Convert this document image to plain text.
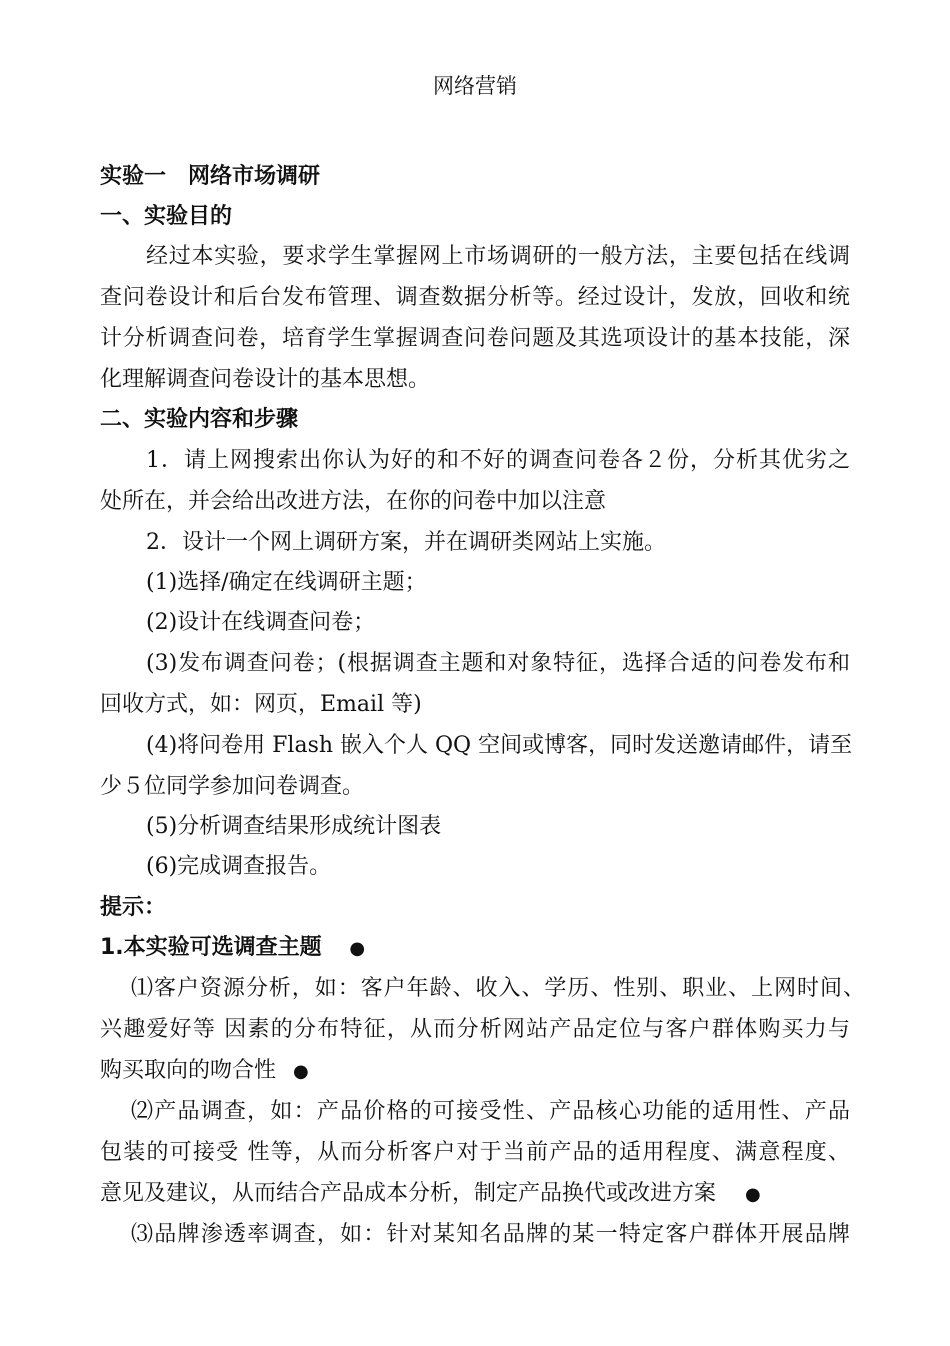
网络营销
实验一　网络市场调研
一、实验目的
经过本实验，要求学生掌握网上市场调研的一般方法，主要包括在线调
查问卷设计和后台发布管理、调查数据分析等。经过设计，发放，回收和统
计分析调查问卷，培育学生掌握调查问卷问题及其选项设计的基本技能，深
化理解调查问卷设计的基本思想。
二、实验内容和步骤
1．请上网搜索出你认为好的和不好的调查问卷各２份，分析其优劣之
处所在，并会给出改进方法，在你的问卷中加以注意
2．设计一个网上调研方案，并在调研类网站上实施。
(1)选择/确定在线调研主题；
(2)设计在线调查问卷；
(3)发布调查问卷；(根据调查主题和对象特征，选择合适的问卷发布和
回收方式，如：网页，Email 等)
(4)将问卷用 Flash 嵌入个人 QQ 空间或博客，同时发送邀请邮件，请至
少５位同学参加问卷调查。
(5)分析调查结果形成统计图表
(6)完成调查报告。
提示：
1.本实验可选调查主题 ●
⑴客户资源分析，如：客户年龄、收入、学历、性别、职业、上网时间、
兴趣爱好等 因素的分布特征，从而分析网站产品定位与客户群体购买力与
购买取向的吻合性 ●
⑵产品调查，如：产品价格的可接受性、产品核心功能的适用性、产品
包装的可接受 性等，从而分析客户对于当前产品的适用程度、满意程度、
意见及建议，从而结合产品成本分析，制定产品换代或改进方案 ●
⑶品牌渗透率调查，如：针对某知名品牌的某一特定客户群体开展品牌
